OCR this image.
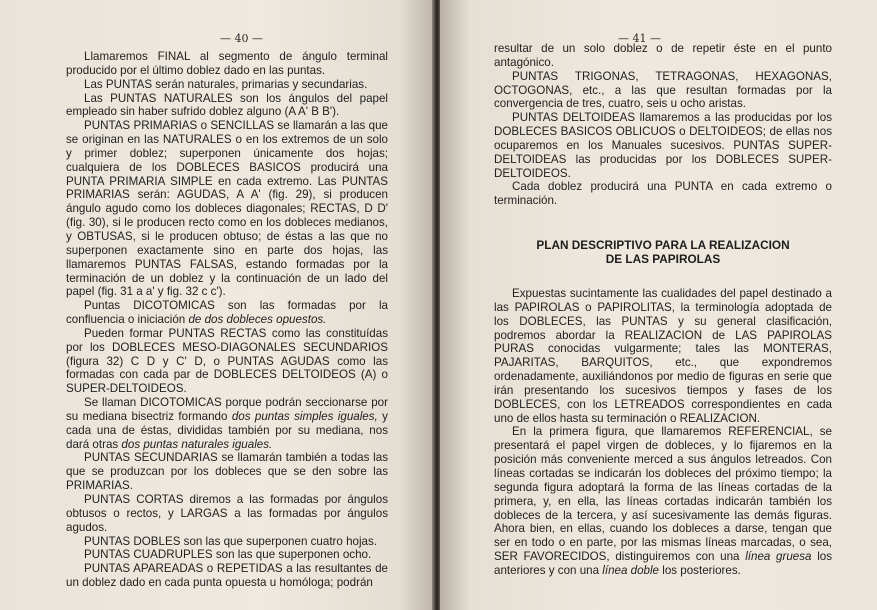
— 40 —

Llamaremos FINAL al segmento de ángulo terminal producido por el último doblez dado en las puntas.

Las PUNTAS serán naturales, primarias y secundarias.

Las PUNTAS NATURALES son los ángulos del papel empleado sin haber sufrido doblez alguno (A A' B B').

PUNTAS PRIMARIAS o SENCILLAS se llamarán a las que se originan en las NATURALES o en los extremos de un solo y primer doblez; superponen únicamente dos hojas; cualquiera de los DOBLECES BASICOS producirá una PUNTA PRIMARIA SIMPLE en cada extremo. Las PUNTAS PRIMARIAS serán: AGUDAS, A A' (fig. 29), si producen ángulo agudo como los dobleces diagonales; RECTAS, D D' (fig. 30), si le producen recto como en los dobleces medianos, y OBTUSAS, si le producen obtuso; de éstas a las que no superponen exactamente sino en parte dos hojas, las llamaremos PUNTAS FALSAS, estando formadas por la terminación de un doblez y la continuación de un lado del papel (fig. 31 a a' y fig. 32 c c').

Puntas DICOTOMICAS son las formadas por la confluencia o iniciación de dos dobleces opuestos.

Pueden formar PUNTAS RECTAS como las constituídas por los DOBLECES MESO-DIAGONALES SECUNDARIOS (figura 32) C D y C' D, o PUNTAS AGUDAS como las formadas con cada par de DOBLECES DELTOIDEOS (A) o SUPER-DELTOIDEOS.

Se llaman DICOTOMICAS porque podrán seccionarse por su mediana bisectriz formando dos puntas simples iguales, y cada una de éstas, divididas también por su mediana, nos dará otras dos puntas naturales iguales.

PUNTAS SECUNDARIAS se llamarán también a todas las que se produzcan por los dobleces que se den sobre las PRIMARIAS.

PUNTAS CORTAS diremos a las formadas por ángulos obtusos o rectos, y LARGAS a las formadas por ángulos agudos.

PUNTAS DOBLES son las que superponen cuatro hojas.

PUNTAS CUADRUPLES son las que superponen ocho.

PUNTAS APAREADAS o REPETIDAS a las resultantes de un doblez dado en cada punta opuesta u homóloga; podrán

— 41 —

resultar de un solo doblez o de repetir éste en el punto antagónico.

PUNTAS TRIGONAS, TETRAGONAS, HEXAGONAS, OCTOGONAS, etc., a las que resultan formadas por la convergencia de tres, cuatro, seis u ocho aristas.

PUNTAS DELTOIDEAS llamaremos a las producidas por los DOBLECES BASICOS OBLICUOS o DELTOIDEOS; de ellas nos ocuparemos en los Manuales sucesivos. PUNTAS SUPER-DELTOIDEAS las producidas por los DOBLECES SUPER-DELTOIDEOS.

Cada doblez producirá una PUNTA en cada extremo o terminación.

PLAN DESCRIPTIVO PARA LA REALIZACION
DE LAS PAPIROLAS

Expuestas sucintamente las cualidades del papel destinado a las PAPIROLAS o PAPIROLITAS, la terminología adoptada de los DOBLECES, las PUNTAS y su general clasificación, podremos abordar la REALIZACION de LAS PAPIROLAS PURAS conocidas vulgarmente; tales las MONTERAS, PAJARITAS, BARQUITOS, etc., que expondremos ordenadamente, auxiliándonos por medio de figuras en serie que irán presentando los sucesivos tiempos y fases de los DOBLECES, con los LETREADOS correspondientes en cada uno de ellos hasta su terminación o REALIZACION.

En la primera figura, que llamaremos REFERENCIAL, se presentará el papel virgen de dobleces, y lo fijaremos en la posición más conveniente merced a sus ángulos letreados. Con líneas cortadas se indicarán los dobleces del próximo tiempo; la segunda figura adoptará la forma de las líneas cortadas de la primera, y, en ella, las líneas cortadas indicarán también los dobleces de la tercera, y así sucesivamente las demás figuras. Ahora bien, en ellas, cuando los dobleces a darse, tengan que ser en todo o en parte, por las mismas líneas marcadas, o sea, SER FAVORECIDOS, distinguiremos con una línea gruesa los anteriores y con una línea doble los posteriores.
